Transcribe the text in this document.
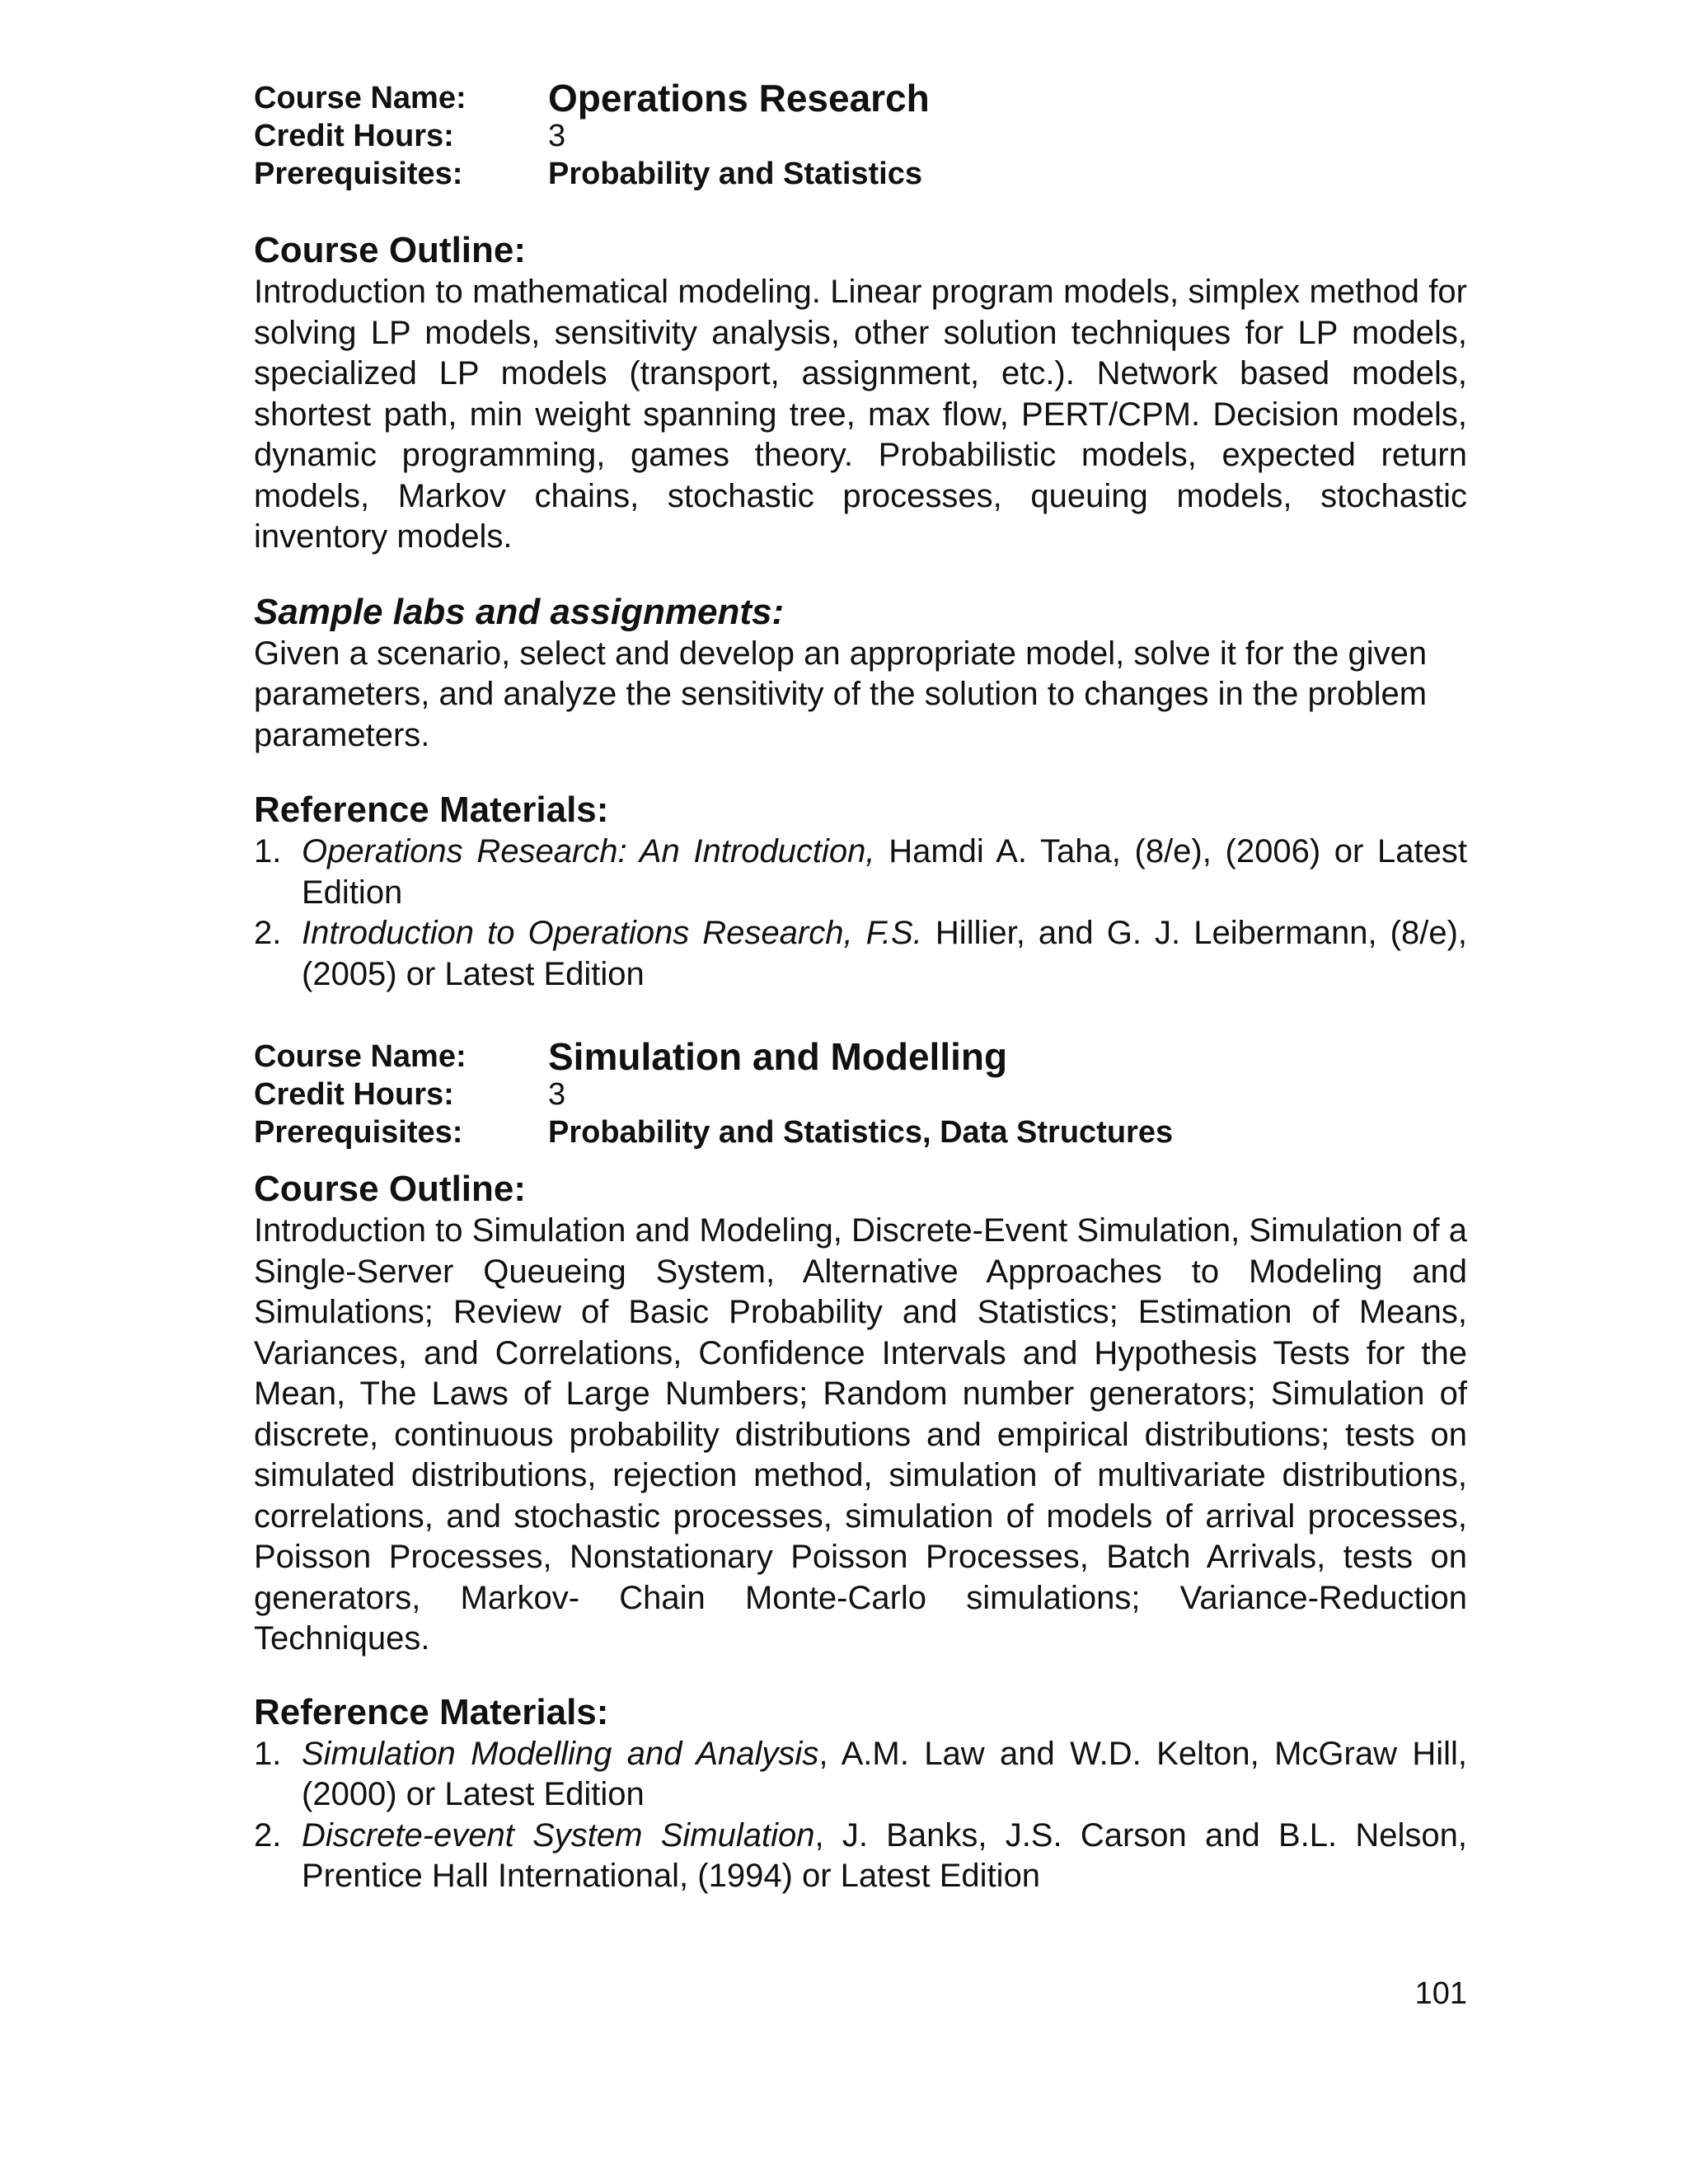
Course Name:	Operations Research
Credit Hours:	3
Prerequisites:	Probability and Statistics
Course Outline:

Introduction to mathematical modeling. Linear program models, simplex method for solving LP models, sensitivity analysis, other solution techniques for LP models, specialized LP models (transport, assignment, etc.). Network based models, shortest path, min weight spanning tree, max flow, PERT/CPM. Decision models, dynamic programming, games theory. Probabilistic models, expected return models, Markov chains, stochastic processes, queuing models, stochastic inventory models.

Sample labs and assignments:

Given a scenario, select and develop an appropriate model, solve it for the given parameters, and analyze the sensitivity of the solution to changes in the problem parameters.

Reference Materials:
1. Operations Research: An Introduction, Hamdi A. Taha, (8/e), (2006) or Latest Edition
2. Introduction to Operations Research, F.S. Hillier, and G. J. Leibermann, (8/e), (2005) or Latest Edition
Course Name:	Simulation and Modelling
Credit Hours:	3
Prerequisites:	Probability and Statistics, Data Structures
Course Outline:

Introduction to Simulation and Modeling, Discrete-Event Simulation, Simulation of a Single-Server Queueing System, Alternative Approaches to Modeling and Simulations; Review of Basic Probability and Statistics; Estimation of Means, Variances, and Correlations, Confidence Intervals and Hypothesis Tests for the Mean, The Laws of Large Numbers; Random number generators; Simulation of discrete, continuous probability distributions and empirical distributions; tests on simulated distributions, rejection method, simulation of multivariate distributions, correlations, and stochastic processes, simulation of models of arrival processes, Poisson Processes, Nonstationary Poisson Processes, Batch Arrivals, tests on generators, Markov- Chain Monte-Carlo simulations; Variance-Reduction Techniques.

Reference Materials:
1. Simulation Modelling and Analysis, A.M. Law and W.D. Kelton, McGraw Hill, (2000) or Latest Edition
2. Discrete-event System Simulation, J. Banks, J.S. Carson and B.L. Nelson, Prentice Hall International, (1994) or Latest Edition
101
